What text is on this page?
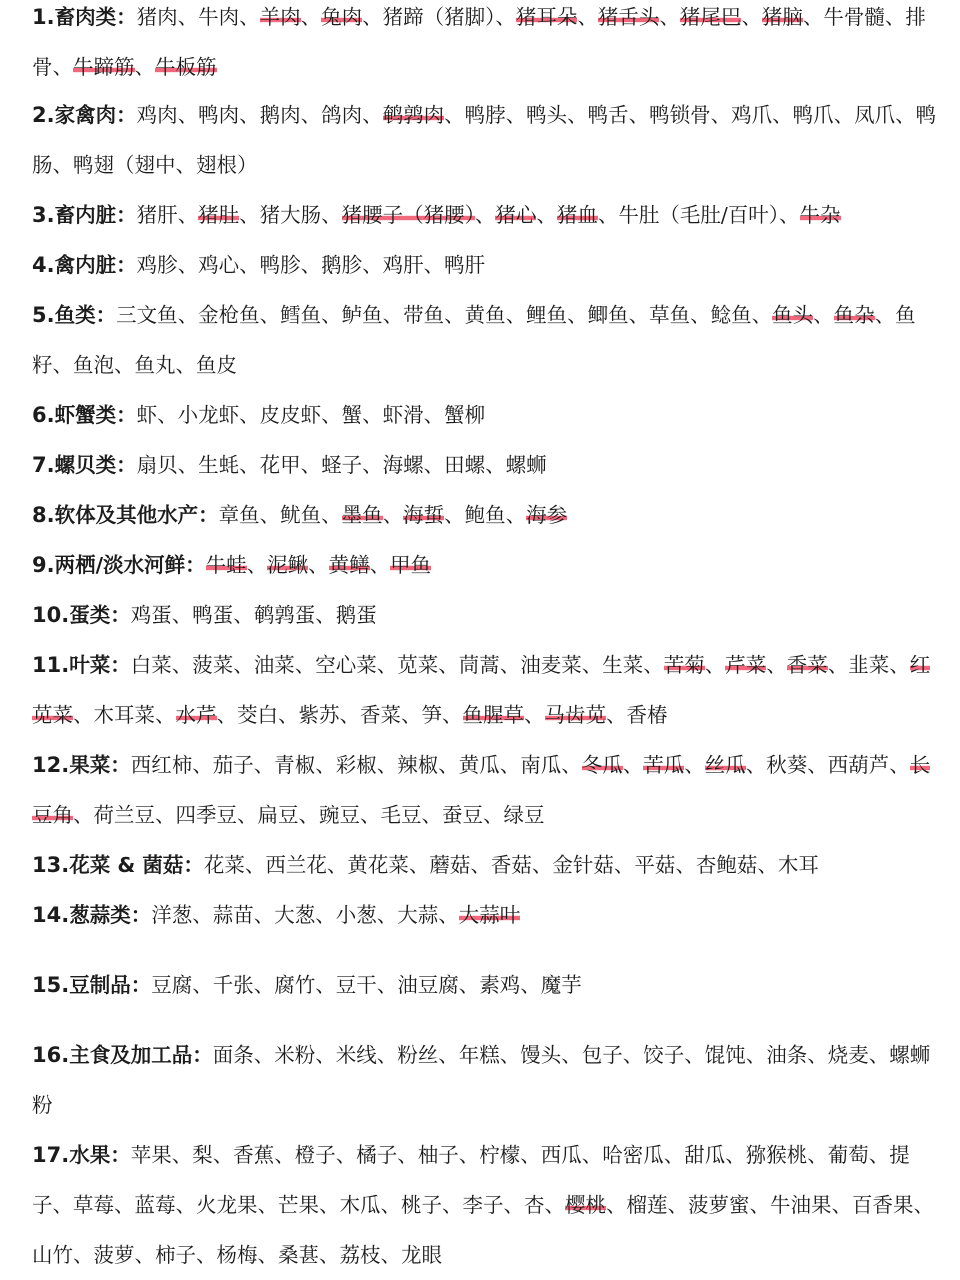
1.畜肉类：猪肉、牛肉、羊肉、兔肉、猪蹄（猪脚）、猪耳朵、猪舌头、猪尾巴、猪脑、牛骨髓、排骨、牛蹄筋、牛板筋
2.家禽肉：鸡肉、鸭肉、鹅肉、鸽肉、鹌鹑肉、鸭脖、鸭头、鸭舌、鸭锁骨、鸡爪、鸭爪、凤爪、鸭肠、鸭翅（翅中、翅根）
3.畜内脏：猪肝、猪肚、猪大肠、猪腰子（猪腰）、猪心、猪血、牛肚（毛肚/百叶）、牛杂
4.禽内脏：鸡胗、鸡心、鸭胗、鹅胗、鸡肝、鸭肝
5.鱼类：三文鱼、金枪鱼、鳕鱼、鲈鱼、带鱼、黄鱼、鲤鱼、鲫鱼、草鱼、鲶鱼、鱼头、鱼杂、鱼籽、鱼泡、鱼丸、鱼皮
6.虾蟹类：虾、小龙虾、皮皮虾、蟹、虾滑、蟹柳
7.螺贝类：扇贝、生蚝、花甲、蛏子、海螺、田螺、螺蛳
8.软体及其他水产：章鱼、鱿鱼、墨鱼、海蜇、鲍鱼、海参
9.两栖/淡水河鲜：牛蛙、泥鳅、黄鳝、甲鱼
10.蛋类：鸡蛋、鸭蛋、鹌鹑蛋、鹅蛋
11.叶菜：白菜、菠菜、油菜、空心菜、苋菜、茼蒿、油麦菜、生菜、苦菊、芹菜、香菜、韭菜、红苋菜、木耳菜、水芹、茭白、紫苏、香菜、笋、鱼腥草、马齿苋、香椿
12.果菜：西红柿、茄子、青椒、彩椒、辣椒、黄瓜、南瓜、冬瓜、苦瓜、丝瓜、秋葵、西葫芦、长豆角、荷兰豆、四季豆、扁豆、豌豆、毛豆、蚕豆、绿豆
13.花菜 & 菌菇：花菜、西兰花、黄花菜、蘑菇、香菇、金针菇、平菇、杏鲍菇、木耳
14.葱蒜类：洋葱、蒜苗、大葱、小葱、大蒜、大蒜叶
15.豆制品：豆腐、千张、腐竹、豆干、油豆腐、素鸡、魔芋
16.主食及加工品：面条、米粉、米线、粉丝、年糕、馒头、包子、饺子、馄饨、油条、烧麦、螺蛳粉
17.水果：苹果、梨、香蕉、橙子、橘子、柚子、柠檬、西瓜、哈密瓜、甜瓜、猕猴桃、葡萄、提子、草莓、蓝莓、火龙果、芒果、木瓜、桃子、李子、杏、樱桃、榴莲、菠萝蜜、牛油果、百香果、山竹、菠萝、柿子、杨梅、桑葚、荔枝、龙眼
